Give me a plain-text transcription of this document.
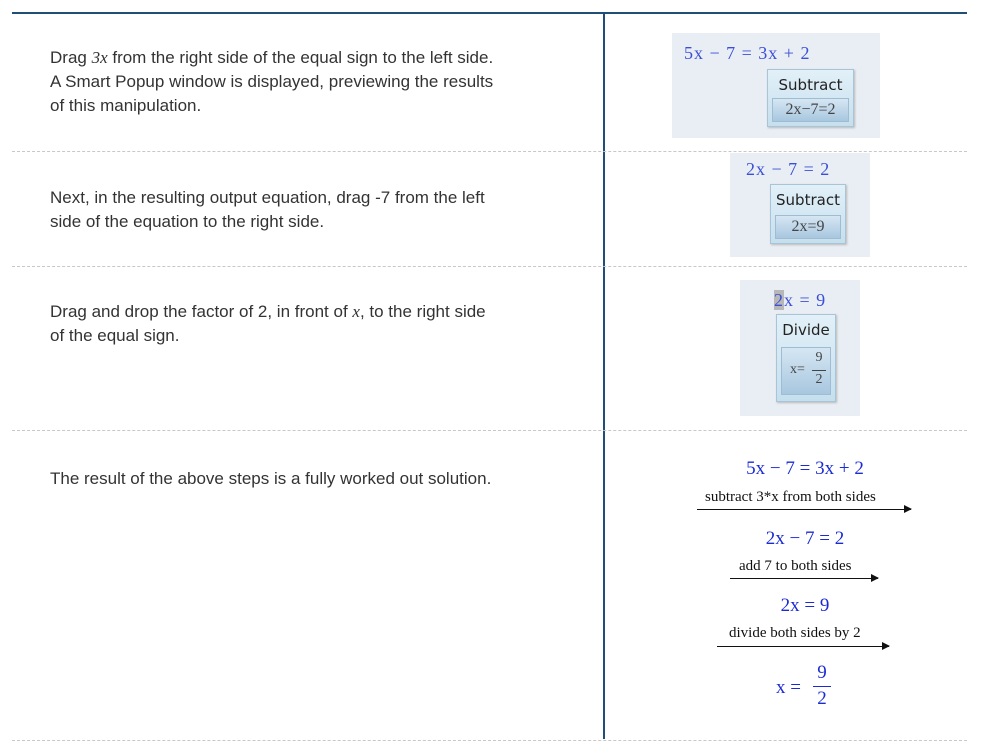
Drag 3x from the right side of the equal sign to the left side.
A Smart Popup window is displayed, previewing the results
of this manipulation.
5x − 7 = 3x + 2
Subtract
2x−7=2
Next, in the resulting output equation, drag -7 from the left
side of the equation to the right side.
2x − 7 = 2
Subtract
2x=9
Drag and drop the factor of 2, in front of x, to the right side
of the equal sign.
2x = 9
Divide
x=
9
2
The result of the above steps is a fully worked out solution.	5x − 7 = 3x + 2
subtract 3*x from both sides
2x − 7 = 2
add 7 to both sides
2x = 9
divide both sides by 2
x =
9
2
